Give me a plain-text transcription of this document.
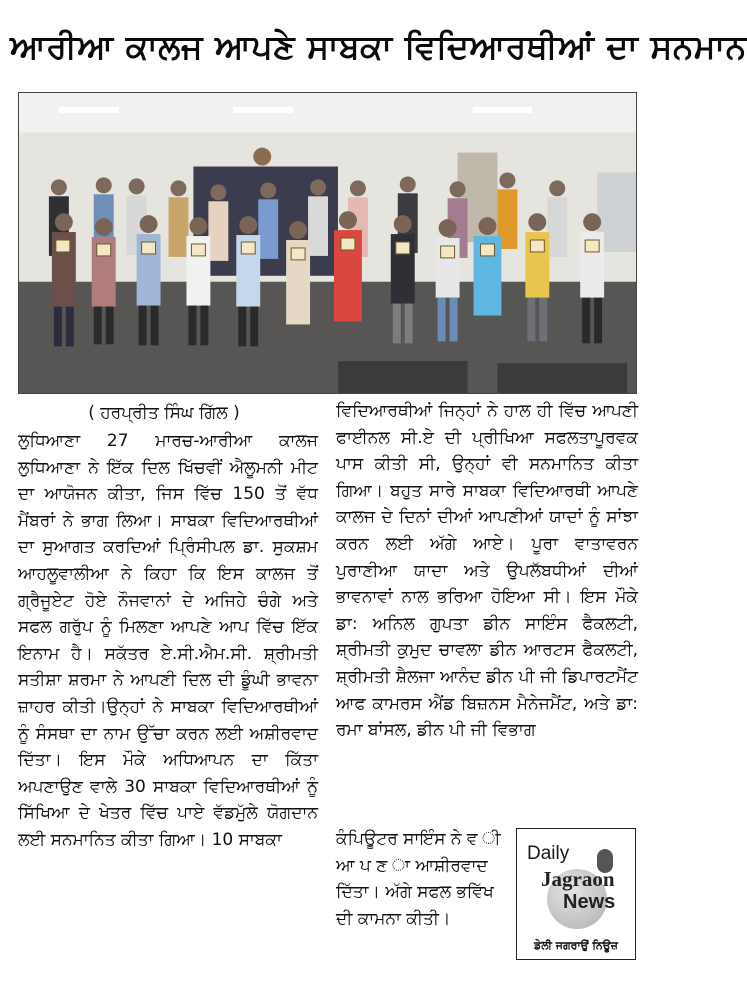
ਆਰੀਆ ਕਾਲਜ ਆਪਣੇ ਸਾਬਕਾ ਵਿਦਿਆਰਥੀਆਂ ਦਾ ਸਨਮਾਨ
( ਹਰਪ੍ਰੀਤ ਸਿੰਘ ਗਿੱਲ )
ਲੁਧਿਆਣਾ 27 ਮਾਰਚ-ਆਰੀਆ ਕਾਲਜ ਲੁਧਿਆਣਾ ਨੇ ਇੱਕ ਦਿਲ ਖਿੱਚਵੀਂ ਐਲੂਮਨੀ ਮੀਟ ਦਾ ਆਯੋਜਨ ਕੀਤਾ, ਜਿਸ ਵਿੱਚ 150 ਤੋਂ ਵੱਧ ਮੈਂਬਰਾਂ ਨੇ ਭਾਗ ਲਿਆ। ਸਾਬਕਾ ਵਿਦਿਆਰਥੀਆਂ ਦਾ ਸੁਆਗਤ ਕਰਦਿਆਂ ਪ੍ਰਿੰਸੀਪਲ ਡਾ. ਸੁਕਸ਼ਮ ਆਹਲੂਵਾਲੀਆ ਨੇ ਕਿਹਾ ਕਿ ਇਸ ਕਾਲਜ ਤੋਂ ਗ੍ਰੈਜੂਏਟ ਹੋਏ ਨੌਜਵਾਨਾਂ ਦੇ ਅਜਿਹੇ ਚੰਗੇ ਅਤੇ ਸਫਲ ਗਰੁੱਪ ਨੂੰ ਮਿਲਣਾ ਆਪਣੇ ਆਪ ਵਿੱਚ ਇੱਕ ਇਨਾਮ ਹੈ। ਸਕੱਤਰ ਏ.ਸੀ.ਐਮ.ਸੀ. ਸ਼੍ਰੀਮਤੀ ਸਤੀਸ਼ਾ ਸ਼ਰਮਾ ਨੇ ਆਪਣੀ ਦਿਲ ਦੀ ਡੂੰਘੀ ਭਾਵਨਾ ਜ਼ਾਹਰ ਕੀਤੀ।ਉਨ੍ਹਾਂ ਨੇ ਸਾਬਕਾ ਵਿਦਿਆਰਥੀਆਂ ਨੂੰ ਸੰਸਥਾ ਦਾ ਨਾਮ ਉੱਚਾ ਕਰਨ ਲਈ ਅਸ਼ੀਰਵਾਦ ਦਿੱਤਾ। ਇਸ ਮੌਕੇ ਅਧਿਆਪਨ ਦਾ ਕਿੱਤਾ ਅਪਣਾਉਣ ਵਾਲੇ 30 ਸਾਬਕਾ ਵਿਦਿਆਰਥੀਆਂ ਨੂੰ ਸਿੱਖਿਆ ਦੇ ਖੇਤਰ ਵਿੱਚ ਪਾਏ ਵੱਡਮੁੱਲੇ ਯੋਗਦਾਨ ਲਈ ਸਨਮਾਨਿਤ ਕੀਤਾ ਗਿਆ। 10 ਸਾਬਕਾ
ਵਿਦਿਆਰਥੀਆਂ ਜਿਨ੍ਹਾਂ ਨੇ ਹਾਲ ਹੀ ਵਿੱਚ ਆਪਣੀ ਫਾਈਨਲ ਸੀ.ਏ ਦੀ ਪ੍ਰੀਖਿਆ ਸਫਲਤਾਪੂਰਵਕ ਪਾਸ ਕੀਤੀ ਸੀ, ਉਨ੍ਹਾਂ ਵੀ ਸਨਮਾਨਿਤ ਕੀਤਾ ਗਿਆ। ਬਹੁਤ ਸਾਰੇ ਸਾਬਕਾ ਵਿਦਿਆਰਥੀ ਆਪਣੇ ਕਾਲਜ ਦੇ ਦਿਨਾਂ ਦੀਆਂ ਆਪਣੀਆਂ ਯਾਦਾਂ ਨੂੰ ਸਾਂਝਾ ਕਰਨ ਲਈ ਅੱਗੇ ਆਏ। ਪੂਰਾ ਵਾਤਾਵਰਨ ਪੁਰਾਣੀਆ ਯਾਦਾ ਅਤੇ ਉਪਲੱਬਧੀਆਂ ਦੀਆਂ ਭਾਵਨਾਵਾਂ ਨਾਲ ਭਰਿਆ ਹੋਇਆ ਸੀ। ਇਸ ਮੌਕੇ ਡਾ: ਅਨਿਲ ਗੁਪਤਾ ਡੀਨ ਸਾਇੰਸ ਫੈਕਲਟੀ, ਸ਼੍ਰੀਮਤੀ ਕੁਮੁਦ ਚਾਵਲਾ ਡੀਨ ਆਰਟਸ ਫੈਕਲਟੀ, ਸ਼੍ਰੀਮਤੀ ਸ਼ੈਲਜਾ ਆਨੰਦ ਡੀਨ ਪੀ ਜੀ ਡਿਪਾਰਟਮੈਂਟ ਆਫ ਕਾਮਰਸ ਐਂਡ ਬਿਜ਼ਨਸ ਮੈਨੇਜਮੈਂਟ, ਅਤੇ ਡਾ: ਰਮਾ ਬਾਂਸਲ, ਡੀਨ ਪੀ ਜੀ ਵਿਭਾਗ
ਕੰਪਿਊਟਰ ਸਾਇੰਸ ਨੇ ਵ ੀ ਆ ਪ ਣ ਾ ਆਸ਼ੀਰਵਾਦ ਦਿੱਤਾ। ਅੱਗੇ ਸਫਲ ਭਵਿੱਖ ਦੀ ਕਾਮਨਾ ਕੀਤੀ।
Daily
Jagraon
News
ਡੇਲੀ ਜਗਰਾਉਂ ਨਿਊਜ਼
